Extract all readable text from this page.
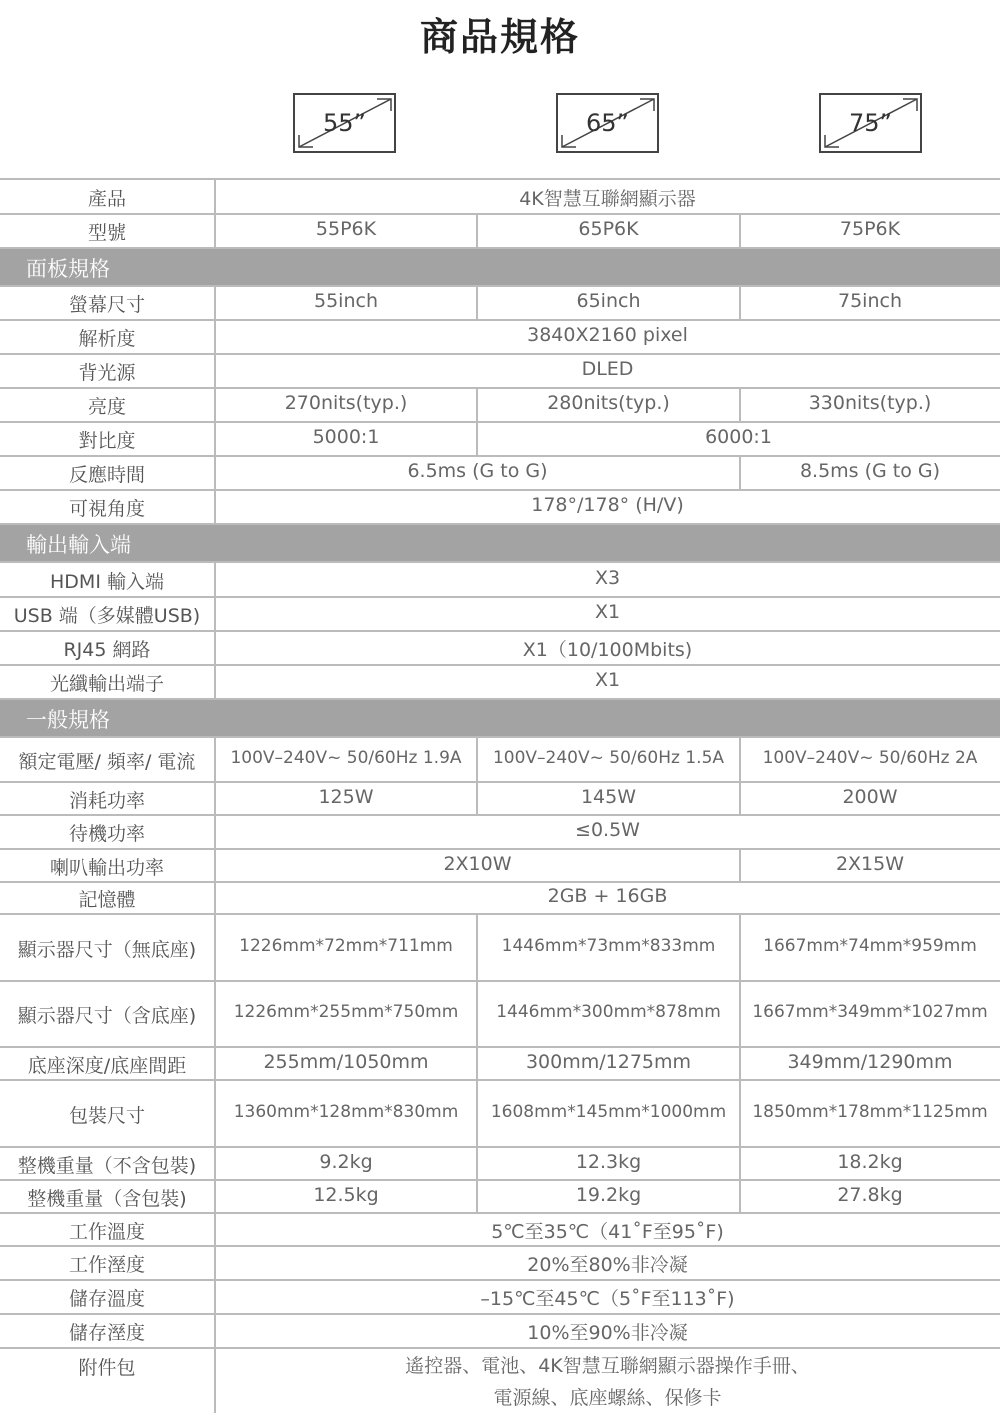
商品規格
55”	65”	75”
產品	4K智慧互聯網顯示器
型號	55P6K	65P6K	75P6K
面板規格
螢幕尺寸	55inch	65inch	75inch
解析度	3840X2160 pixel
背光源	DLED
亮度	270nits(typ.)	280nits(typ.)	330nits(typ.)
對比度	5000:1	6000:1
反應時間	6.5ms (G to G)	8.5ms (G to G)
可視角度	178°/178° (H/V)
輸出輸入端
HDMI 輸入端	X3
USB 端（多媒體USB)	X1
RJ45 網路	X1（10/100Mbits)
光纖輸出端子	X1
一般規格
額定電壓/ 頻率/ 電流	100V–240V~ 50/60Hz 1.9A	100V–240V~ 50/60Hz 1.5A	100V–240V~ 50/60Hz 2A
消耗功率	125W	145W	200W
待機功率	≤0.5W
喇叭輸出功率	2X10W	2X15W
記憶體	2GB + 16GB
顯示器尺寸（無底座)	1226mm*72mm*711mm	1446mm*73mm*833mm	1667mm*74mm*959mm
顯示器尺寸（含底座)	1226mm*255mm*750mm	1446mm*300mm*878mm	1667mm*349mm*1027mm
底座深度/底座間距	255mm/1050mm	300mm/1275mm	349mm/1290mm
包裝尺寸	1360mm*128mm*830mm	1608mm*145mm*1000mm	1850mm*178mm*1125mm
整機重量（不含包裝)	9.2kg	12.3kg	18.2kg
整機重量（含包裝)	12.5kg	19.2kg	27.8kg
工作溫度	5℃至35℃（41˚F至95˚F)
工作溼度	20%至80%非冷凝
儲存溫度	–15℃至45℃（5˚F至113˚F)
儲存溼度	10%至90%非冷凝
附件包	遙控器、電池、4K智慧互聯網顯示器操作手冊、
電源線、底座螺絲、保修卡
